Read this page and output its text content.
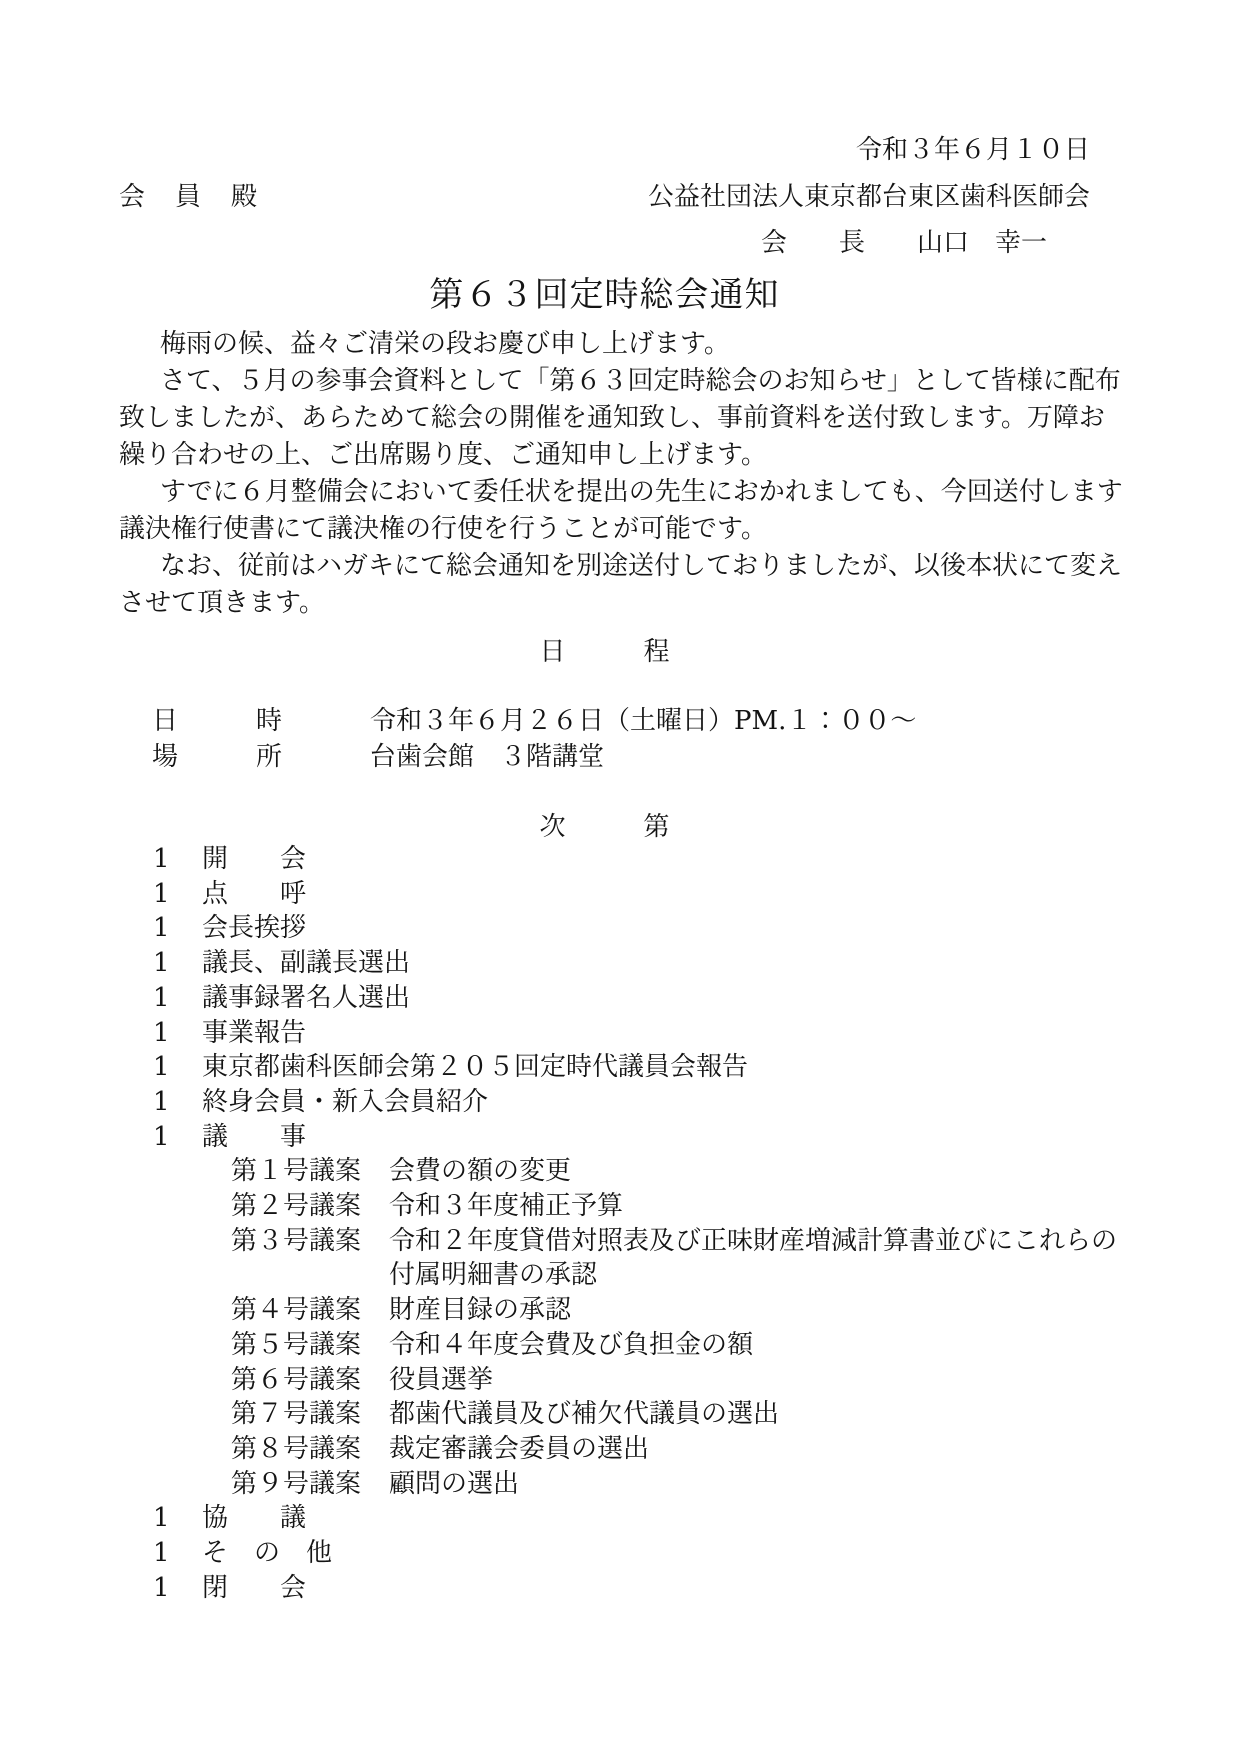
令和３年６月１０日
会　員　殿	公益社団法人東京都台東区歯科医師会
会　　長　　山口　幸一
第６３回定時総会通知
梅雨の候、益々ご清栄の段お慶び申し上げます。
さて、５月の参事会資料として「第６３回定時総会のお知らせ」として皆様に配布
致しましたが、あらためて総会の開催を通知致し、事前資料を送付致します。万障お
繰り合わせの上、ご出席賜り度、ご通知申し上げます。
すでに６月整備会において委任状を提出の先生におかれましても、今回送付します
議決権行使書にて議決権の行使を行うことが可能です。
なお、従前はハガキにて総会通知を別途送付しておりましたが、以後本状にて変え
させて頂きます。
日　　　程
日　　　時	令和３年６月２６日（土曜日）PM.１：００～
場　　　所	台歯会館　３階講堂
次　　　第
1 開　　会
1 点　　呼
1 会長挨拶
1 議長、副議長選出
1 議事録署名人選出
1 事業報告
1 東京都歯科医師会第２０５回定時代議員会報告
1 終身会員・新入会員紹介
1 議　　事
第１号議案 会費の額の変更
第２号議案 令和３年度補正予算
第３号議案 令和２年度貸借対照表及び正味財産増減計算書並びにこれらの
付属明細書の承認
第４号議案 財産目録の承認
第５号議案 令和４年度会費及び負担金の額
第６号議案 役員選挙
第７号議案 都歯代議員及び補欠代議員の選出
第８号議案 裁定審議会委員の選出
第９号議案 顧問の選出
1 協　　議
1 そ　の　他
1 閉　　会
